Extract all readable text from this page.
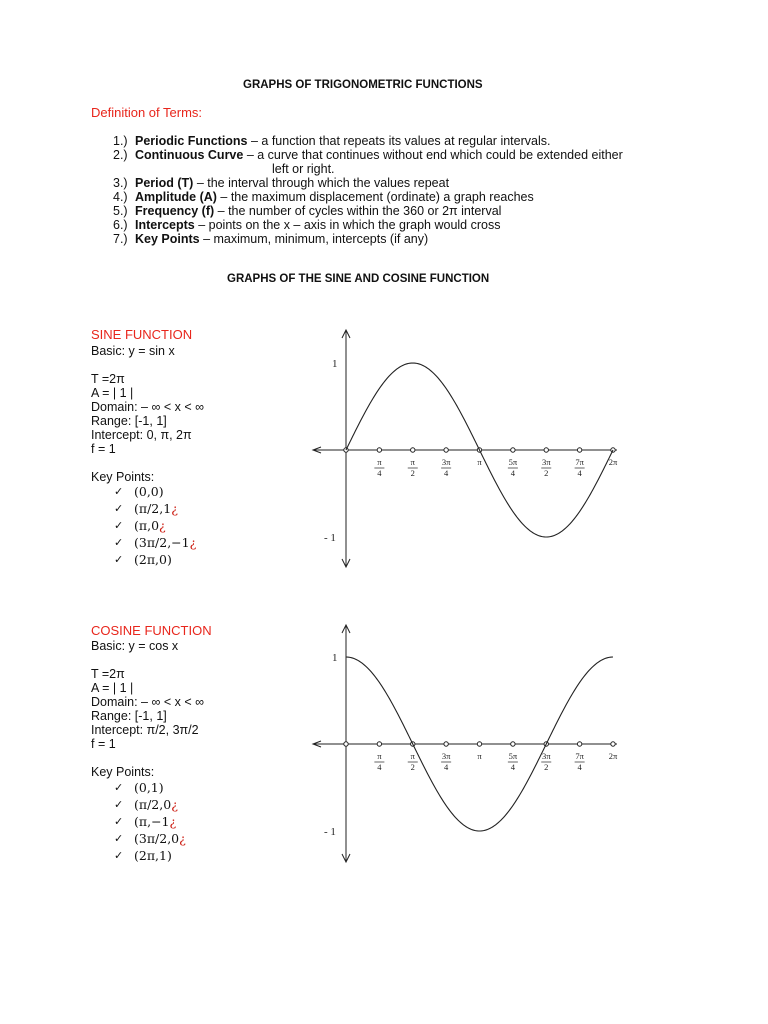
GRAPHS OF TRIGONOMETRIC FUNCTIONS
Definition of Terms:
1.) Periodic Functions – a function that repeats its values at regular intervals.
2.) Continuous Curve – a curve that continues without end which could be extended either
left or right.
3.) Period (T) – the interval through which the values repeat
4.) Amplitude (A) – the maximum displacement (ordinate) a graph reaches
5.) Frequency (f) – the number of cycles within the 360 or 2π interval
6.) Intercepts – points on the x – axis in which the graph would cross
7.) Key Points – maximum, minimum, intercepts (if any)
GRAPHS OF THE SINE AND COSINE FUNCTION
SINE FUNCTION
Basic: y = sin x
T =2π
A = | 1 |
Domain: – ∞ < x < ∞
Range: [-1, 1]
Intercept: 0, π, 2π
f = 1
Key Points:
✓ (0,0)
✓ (π/2,1 ¿
✓ (π,0 ¿
✓ (3π/2,−1 ¿
✓ (2π,0)
COSINE FUNCTION
Basic: y = cos x
T =2π
A = | 1 |
Domain: – ∞ < x < ∞
Range: [-1, 1]
Intercept: π/2, 3π/2
f = 1
Key Points:
✓ (0,1)
✓ (π/2,0 ¿
✓ (π,−1 ¿
✓ (3π/2,0 ¿
✓ (2π,1)
π
4
π
2
3π
4
π	5π
4
3π
2
7π
4
2π
1
- 1
π
4
π
2
3π
4
π	5π
4
3π
2
7π
4
2π
1
- 1
